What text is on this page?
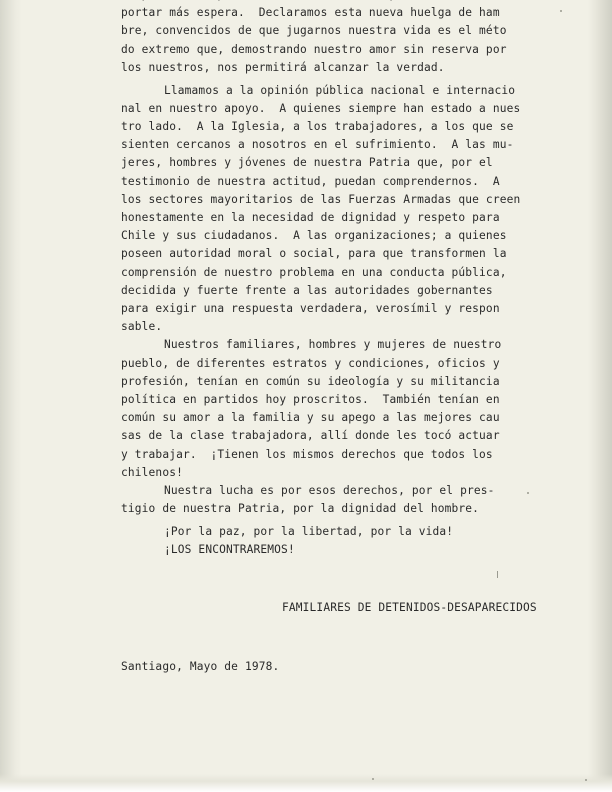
portar más espera.  Declaramos esta nueva huelga de ham
bre, convencidos de que jugarnos nuestra vida es el méto
do extremo que, demostrando nuestro amor sin reserva por
los nuestros, nos permitirá alcanzar la verdad.
Llamamos a la opinión pública nacional e internacio
nal en nuestro apoyo.  A quienes siempre han estado a nues
tro lado.  A la Iglesia, a los trabajadores, a los que se
sienten cercanos a nosotros en el sufrimiento.  A las mu-
jeres, hombres y jóvenes de nuestra Patria que, por el
testimonio de nuestra actitud, puedan comprendernos.  A
los sectores mayoritarios de las Fuerzas Armadas que creen
honestamente en la necesidad de dignidad y respeto para
Chile y sus ciudadanos.  A las organizaciones; a quienes
poseen autoridad moral o social, para que transformen la
comprensión de nuestro problema en una conducta pública,
decidida y fuerte frente a las autoridades gobernantes
para exigir una respuesta verdadera, verosímil y respon
sable.
Nuestros familiares, hombres y mujeres de nuestro
pueblo, de diferentes estratos y condiciones, oficios y
profesión, tenían en común su ideología y su militancia
política en partidos hoy proscritos.  También tenían en
común su amor a la familia y su apego a las mejores cau
sas de la clase trabajadora, allí donde les tocó actuar
y trabajar.  ¡Tienen los mismos derechos que todos los
chilenos!
Nuestra lucha es por esos derechos, por el pres-
tigio de nuestra Patria, por la dignidad del hombre.
¡Por la paz, por la libertad, por la vida!
¡LOS ENCONTRAREMOS!
FAMILIARES DE DETENIDOS-DESAPARECIDOS
Santiago, Mayo de 1978.
